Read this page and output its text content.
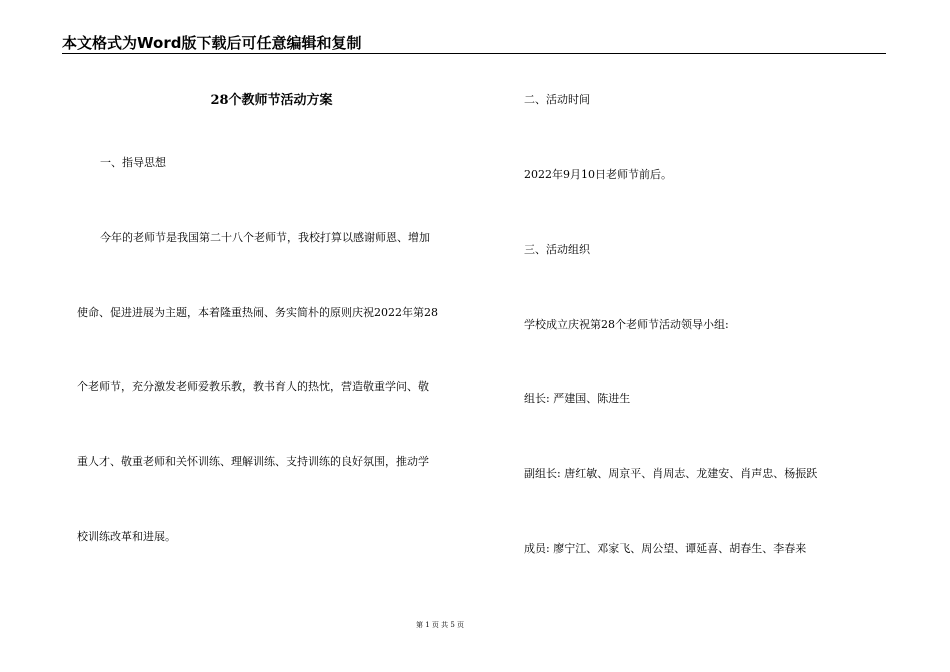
本文格式为Word版下载后可任意编辑和复制
28个教师节活动方案
一、指导思想
今年的老师节是我国第二十八个老师节，我校打算以感谢师恩、增加
使命、促进进展为主题，本着隆重热闹、务实简朴的原则庆祝2022年第28
个老师节，充分激发老师爱教乐教，教书育人的热忱，营造敬重学问、敬
重人才、敬重老师和关怀训练、理解训练、支持训练的良好氛围，推动学
校训练改革和进展。
二、活动时间
2022年9月10日老师节前后。
三、活动组织
学校成立庆祝第28个老师节活动领导小组:
组长: 严建国、陈进生
副组长: 唐红敏、周京平、肖周志、龙建安、肖声忠、杨振跃
成员: 廖宁江、邓家飞、周公望、谭延喜、胡春生、李春来
第 1 页 共 5 页
